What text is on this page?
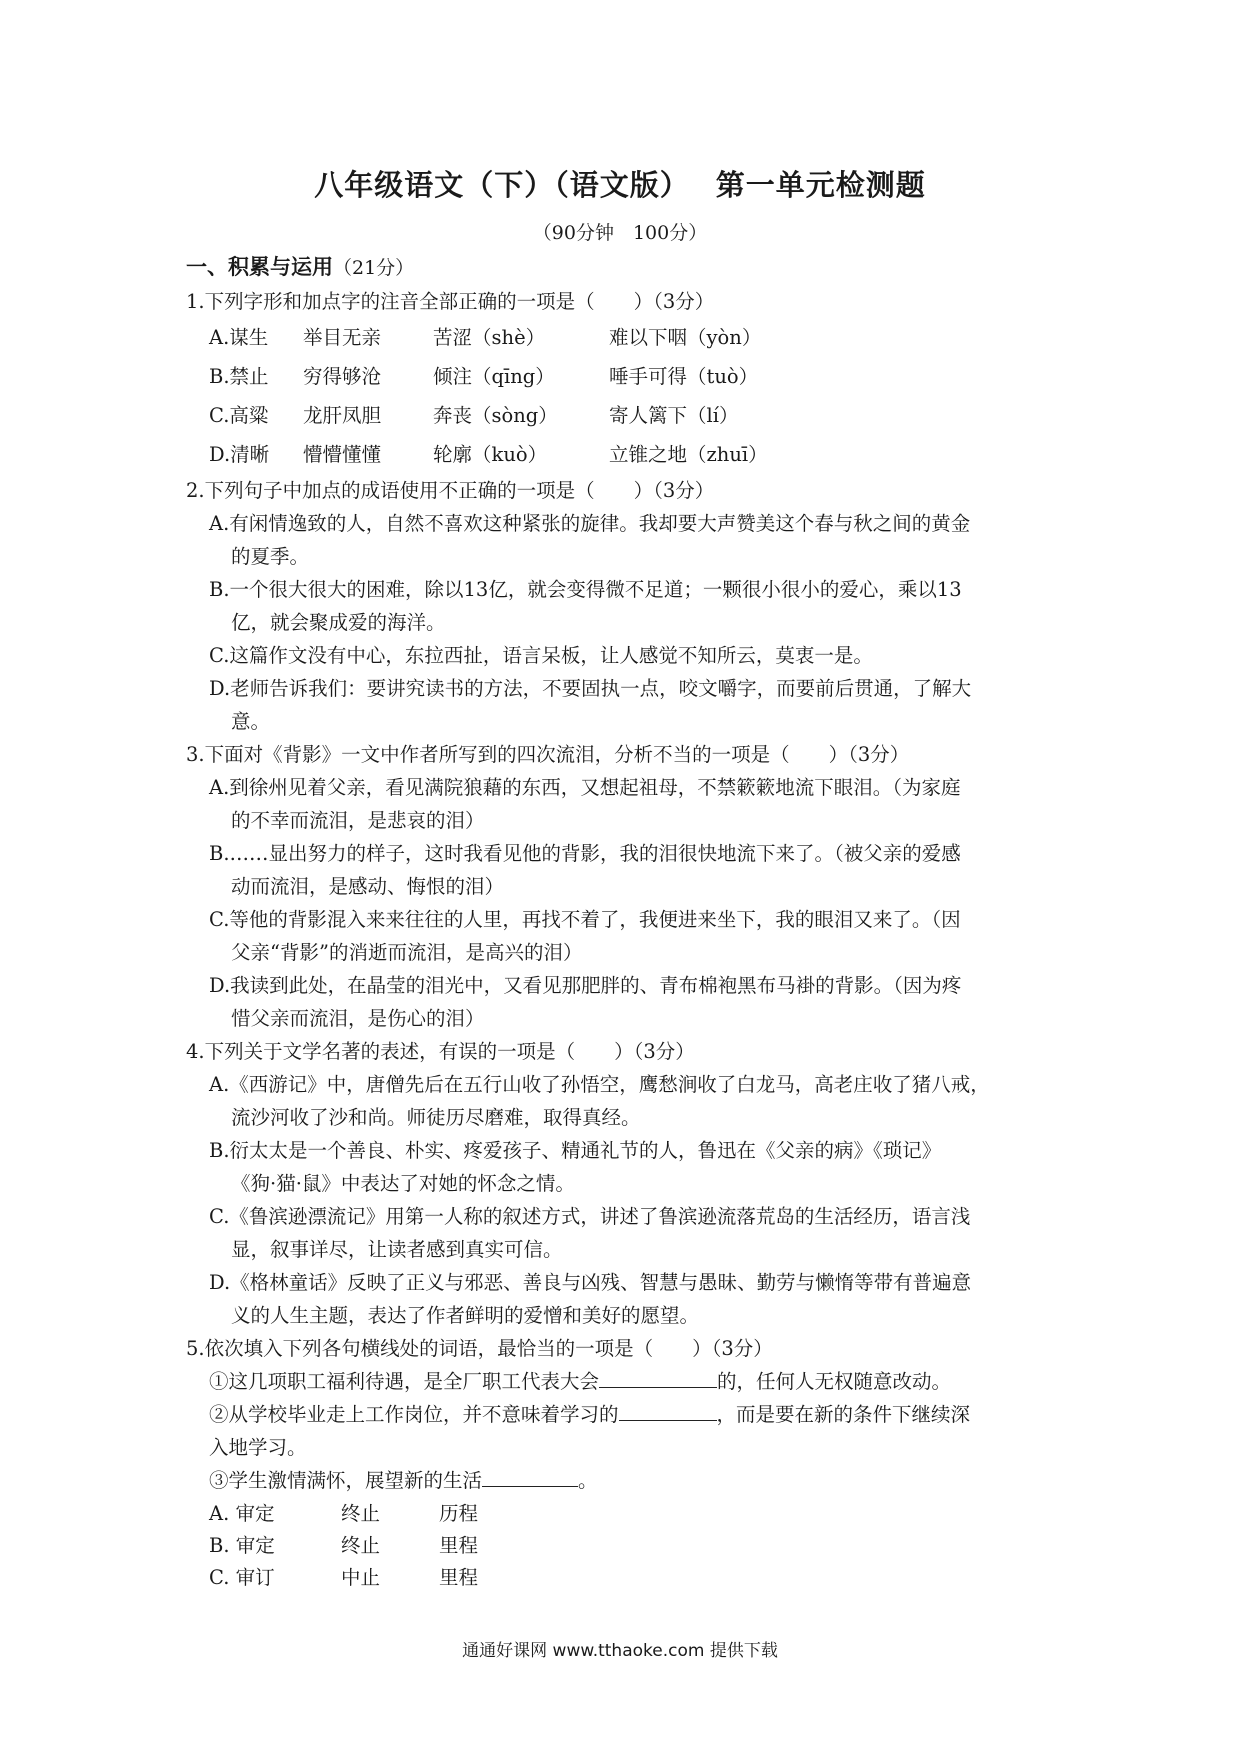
八年级语文（下）（语文版） 第一单元检测题
（90分钟　100分）
一、积累与运用（21分）
1.下列字形和加点字的注音全部正确的一项是（　　）（3分）
A.谋生	举目无亲	苦涩（shè）	难以下咽（yòn）
B.禁止	穷得够沧	倾注（qīng）	唾手可得（tuò）
C.高粱	龙肝凤胆	奔丧（sòng）	寄人篱下（lí）
D.清晰	懵懵懂懂	轮廓（kuò）	立锥之地（zhuī）
2.下列句子中加点的成语使用不正确的一项是（　　）（3分）
A.有闲情逸致的人，自然不喜欢这种紧张的旋律。我却要大声赞美这个春与秋之间的黄金
的夏季。
B.一个很大很大的困难，除以13亿，就会变得微不足道；一颗很小很小的爱心，乘以13
亿，就会聚成爱的海洋。
C.这篇作文没有中心，东拉西扯，语言呆板，让人感觉不知所云，莫衷一是。
D.老师告诉我们：要讲究读书的方法，不要固执一点，咬文嚼字，而要前后贯通，了解大
意。
3.下面对《背影》一文中作者所写到的四次流泪，分析不当的一项是（　　）（3分）
A.到徐州见着父亲，看见满院狼藉的东西，又想起祖母，不禁簌簌地流下眼泪。（为家庭
的不幸而流泪，是悲哀的泪）
B.……显出努力的样子，这时我看见他的背影，我的泪很快地流下来了。（被父亲的爱感
动而流泪，是感动、悔恨的泪）
C.等他的背影混入来来往往的人里，再找不着了，我便进来坐下，我的眼泪又来了。（因
父亲“背影”的消逝而流泪，是高兴的泪）
D.我读到此处，在晶莹的泪光中，又看见那肥胖的、青布棉袍黑布马褂的背影。（因为疼
惜父亲而流泪，是伤心的泪）
4.下列关于文学名著的表述，有误的一项是（　　）（3分）
A.《西游记》中，唐僧先后在五行山收了孙悟空，鹰愁涧收了白龙马，高老庄收了猪八戒，
流沙河收了沙和尚。师徒历尽磨难，取得真经。
B.衍太太是一个善良、朴实、疼爱孩子、精通礼节的人，鲁迅在《父亲的病》《琐记》
《狗·猫·鼠》中表达了对她的怀念之情。
C.《鲁滨逊漂流记》用第一人称的叙述方式，讲述了鲁滨逊流落荒岛的生活经历，语言浅
显，叙事详尽，让读者感到真实可信。
D.《格林童话》反映了正义与邪恶、善良与凶残、智慧与愚昧、勤劳与懒惰等带有普遍意
义的人生主题，表达了作者鲜明的爱憎和美好的愿望。
5.依次填入下列各句横线处的词语，最恰当的一项是（　　）（3分）
①这几项职工福利待遇，是全厂职工代表大会	的，任何人无权随意改动。
②从学校毕业走上工作岗位，并不意味着学习的	，而是要在新的条件下继续深
入地学习。
③学生激情满怀，展望新的生活	。
A. 审定	终止	历程
B. 审定	终止	里程
C. 审订	中止	里程
通通好课网 www.tthaoke.com 提供下载
